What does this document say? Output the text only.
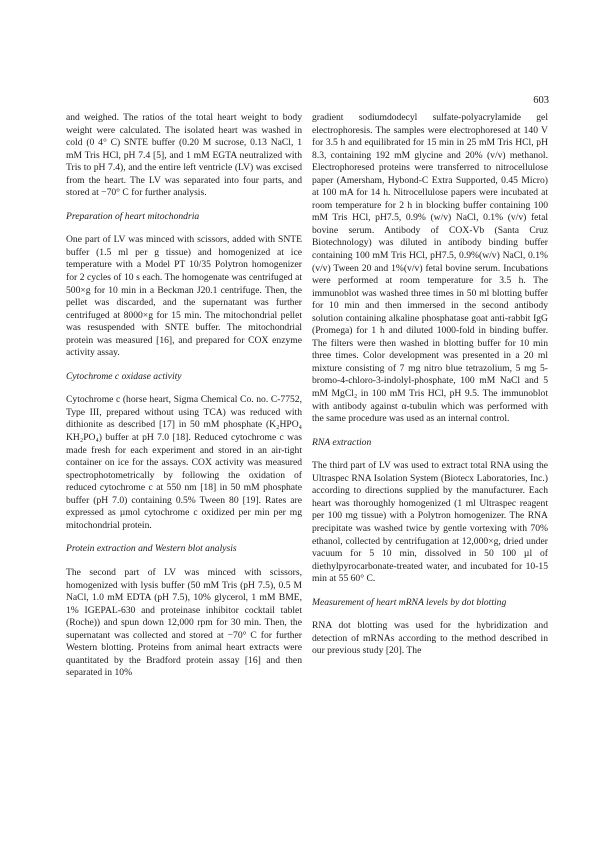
603

and weighed. The ratios of the total heart weight to body weight were calculated. The isolated heart was washed in cold (0 4° C) SNTE buffer (0.20 M sucrose, 0.13 NaCl, 1 mM Tris HCl, pH 7.4 [5], and 1 mM EGTA neutralized with Tris to pH 7.4), and the entire left ventricle (LV) was excised from the heart. The LV was separated into four parts, and stored at −70° C for further analysis.

Preparation of heart mitochondria

One part of LV was minced with scissors, added with SNTE buffer (1.5 ml per g tissue) and homogenized at ice temperature with a Model PT 10/35 Polytron homogenizer for 2 cycles of 10 s each. The homogenate was centrifuged at 500×g for 10 min in a Beckman J20.1 centrifuge. Then, the pellet was discarded, and the supernatant was further centrifuged at 8000×g for 15 min. The mitochondrial pellet was resuspended with SNTE buffer. The mitochondrial protein was measured [16], and prepared for COX enzyme activity assay.

Cytochrome c oxidase activity

Cytochrome c (horse heart, Sigma Chemical Co. no. C-7752, Type III, prepared without using TCA) was reduced with dithionite as described [17] in 50 mM phosphate (K₂HPO₄ KH₂PO₄) buffer at pH 7.0 [18]. Reduced cytochrome c was made fresh for each experiment and stored in an air-tight container on ice for the assays. COX activity was measured spectrophotometrically by following the oxidation of reduced cytochrome c at 550 nm [18] in 50 mM phosphate buffer (pH 7.0) containing 0.5% Tween 80 [19]. Rates are expressed as µmol cytochrome c oxidized per min per mg mitochondrial protein.

Protein extraction and Western blot analysis

The second part of LV was minced with scissors, homogenized with lysis buffer (50 mM Tris (pH 7.5), 0.5 M NaCl, 1.0 mM EDTA (pH 7.5), 10% glycerol, 1 mM BME, 1% IGEPAL-630 and proteinase inhibitor cocktail tablet (Roche)) and spun down 12,000 rpm for 30 min. Then, the supernatant was collected and stored at −70° C for further Western blotting. Proteins from animal heart extracts were quantitated by the Bradford protein assay [16] and then separated in 10%

gradient sodiumdodecyl sulfate-polyacrylamide gel electrophoresis. The samples were electrophoresed at 140 V for 3.5 h and equilibrated for 15 min in 25 mM Tris HCl, pH 8.3, containing 192 mM glycine and 20% (v/v) methanol. Electrophoresed proteins were transferred to nitrocellulose paper (Amersham, Hybond-C Extra Supported, 0.45 Micro) at 100 mA for 14 h. Nitrocellulose papers were incubated at room temperature for 2 h in blocking buffer containing 100 mM Tris HCl, pH7.5, 0.9% (w/v) NaCl, 0.1% (v/v) fetal bovine serum. Antibody of COX-Vb (Santa Cruz Biotechnology) was diluted in antibody binding buffer containing 100 mM Tris HCl, pH7.5, 0.9%(w/v) NaCl, 0.1% (v/v) Tween 20 and 1%(v/v) fetal bovine serum. Incubations were performed at room temperature for 3.5 h. The immunoblot was washed three times in 50 ml blotting buffer for 10 min and then immersed in the second antibody solution containing alkaline phosphatase goat anti-rabbit IgG (Promega) for 1 h and diluted 1000-fold in binding buffer. The filters were then washed in blotting buffer for 10 min three times. Color development was presented in a 20 ml mixture consisting of 7 mg nitro blue tetrazolium, 5 mg 5-bromo-4-chloro-3-indolyl-phosphate, 100 mM NaCl and 5 mM MgCl₂ in 100 mM Tris HCl, pH 9.5. The immunoblot with antibody against α-tubulin which was performed with the same procedure was used as an internal control.

RNA extraction

The third part of LV was used to extract total RNA using the Ultraspec RNA Isolation System (Biotecx Laboratories, Inc.) according to directions supplied by the manufacturer. Each heart was thoroughly homogenized (1 ml Ultraspec reagent per 100 mg tissue) with a Polytron homogenizer. The RNA precipitate was washed twice by gentle vortexing with 70% ethanol, collected by centrifugation at 12,000×g, dried under vacuum for 5 10 min, dissolved in 50 100 µl of diethylpyrocarbonate-treated water, and incubated for 10-15 min at 55 60° C.

Measurement of heart mRNA levels by dot blotting

RNA dot blotting was used for the hybridization and detection of mRNAs according to the method described in our previous study [20]. The
